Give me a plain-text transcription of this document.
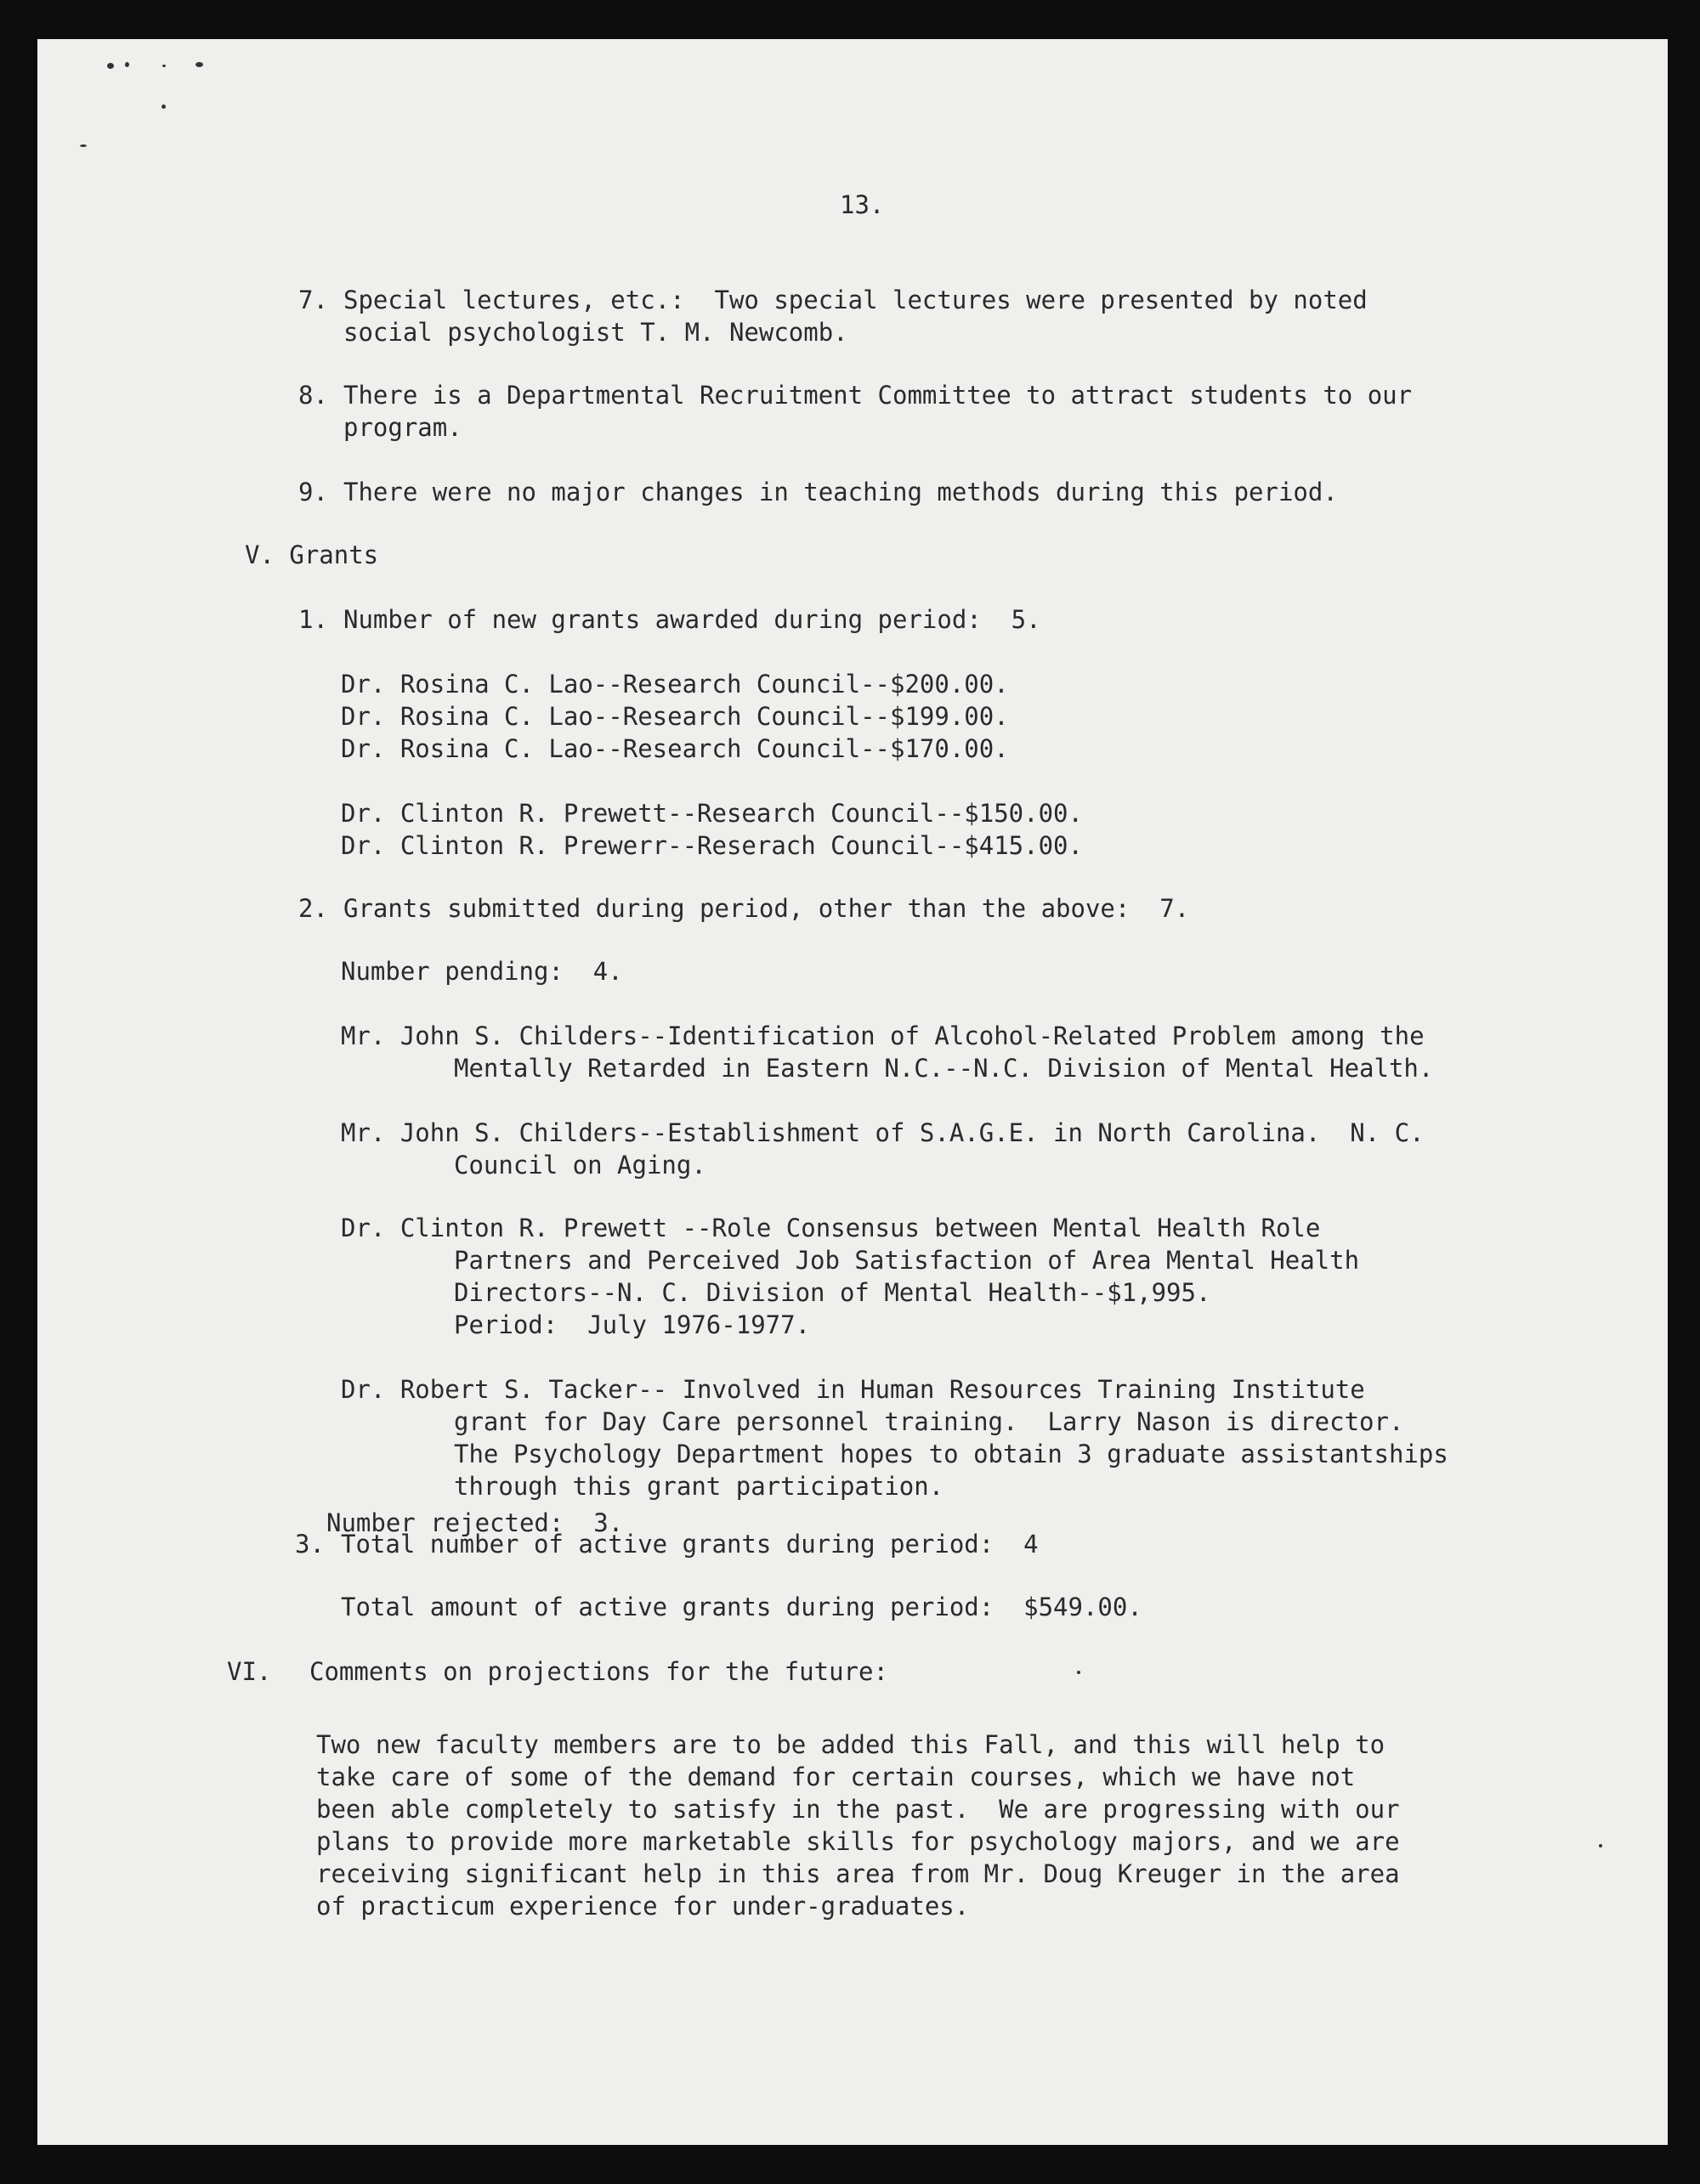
13.
7. Special lectures, etc.:  Two special lectures were presented by noted
social psychologist T. M. Newcomb.
8. There is a Departmental Recruitment Committee to attract students to our
program.
9. There were no major changes in teaching methods during this period.
V. Grants
1. Number of new grants awarded during period:  5.
Dr. Rosina C. Lao--Research Council--$200.00.
Dr. Rosina C. Lao--Research Council--$199.00.
Dr. Rosina C. Lao--Research Council--$170.00.
Dr. Clinton R. Prewett--Research Council--$150.00.
Dr. Clinton R. Prewerr--Reserach Council--$415.00.
2. Grants submitted during period, other than the above:  7.
Number pending:  4.
Mr. John S. Childers--Identification of Alcohol-Related Problem among the
Mentally Retarded in Eastern N.C.--N.C. Division of Mental Health.
Mr. John S. Childers--Establishment of S.A.G.E. in North Carolina.  N. C.
Council on Aging.
Dr. Clinton R. Prewett --Role Consensus between Mental Health Role
Partners and Perceived Job Satisfaction of Area Mental Health
Directors--N. C. Division of Mental Health--$1,995.
Period:  July 1976-1977.
Dr. Robert S. Tacker-- Involved in Human Resources Training Institute
grant for Day Care personnel training.  Larry Nason is director.
The Psychology Department hopes to obtain 3 graduate assistantships
through this grant participation.
Number rejected:  3.
3. Total number of active grants during period:  4
Total amount of active grants during period:  $549.00.
VI. Comments on projections for the future:
Two new faculty members are to be added this Fall, and this will help to
take care of some of the demand for certain courses, which we have not
been able completely to satisfy in the past.  We are progressing with our
plans to provide more marketable skills for psychology majors, and we are
receiving significant help in this area from Mr. Doug Kreuger in the area
of practicum experience for under-graduates.
